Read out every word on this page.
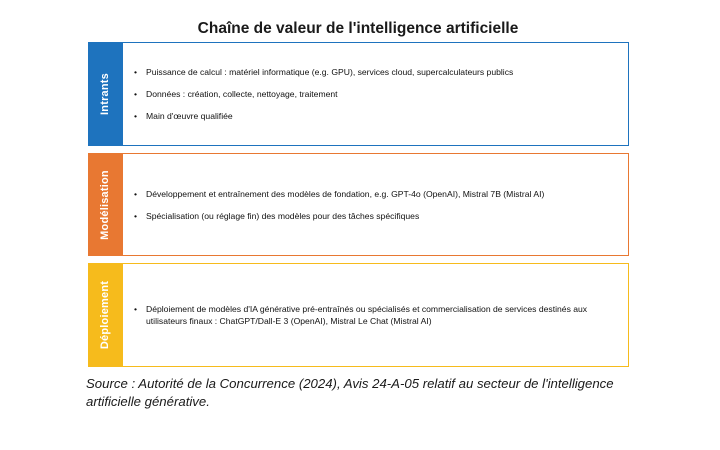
Chaîne de valeur de l'intelligence artificielle
Intrants
•	Puissance de calcul : matériel informatique (e.g. GPU), services cloud, supercalculateurs publics
•	Données : création, collecte, nettoyage, traitement
•	Main d'œuvre qualifiée
Modélisation	•	Développement et entraînement des modèles de fondation, e.g. GPT-4o (OpenAI), Mistral 7B (Mistral AI)
•	Spécialisation (ou réglage fin) des modèles pour des tâches spécifiques
Déploiement	•	Déploiement de modèles d'IA générative pré-entraînés ou spécialisés et commercialisation de services destinés aux utilisateurs finaux : ChatGPT/Dall-E 3 (OpenAI), Mistral Le Chat (Mistral AI)
Source : Autorité de la Concurrence (2024), Avis 24-A-05 relatif au secteur de l'intelligence artificielle générative.
